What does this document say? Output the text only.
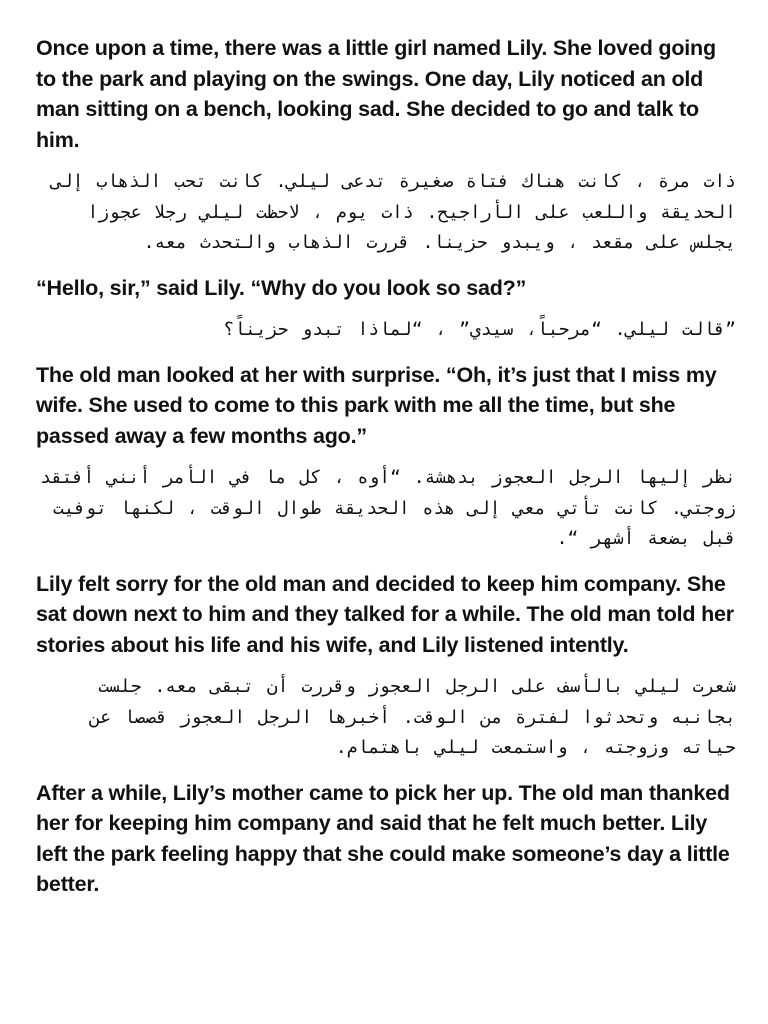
Once upon a time, there was a little girl named Lily. She loved going to the park and playing on the swings. One day, Lily noticed an old man sitting on a bench, looking sad. She decided to go and talk to him.

ذات مرة ، كانت هناك فتاة صغيرة تدعى ليلي. كانت تحب الذهاب إلى الحديقة واللعب على الأراجيح. ذات يوم ، لاحظت ليلي رجلا عجوزا يجلس على مقعد ، ويبدو حزينا. قررت الذهاب والتحدث معه.

“Hello, sir,” said Lily. “Why do you look so sad?”

”قالت ليلي. “مرحباً، سيدي” ، “لماذا تبدو حزيناً؟

The old man looked at her with surprise. “Oh, it’s just that I miss my wife. She used to come to this park with me all the time, but she passed away a few months ago.”

نظر إليها الرجل العجوز بدهشة. “أوه ، كل ما في الأمر أنني أفتقد زوجتي. كانت تأتي معي إلى هذه الحديقة طوال الوقت ، لكنها توفيت قبل بضعة أشهر “.

Lily felt sorry for the old man and decided to keep him company. She sat down next to him and they talked for a while. The old man told her stories about his life and his wife, and Lily listened intently.

شعرت ليلي بالأسف على الرجل العجوز وقررت أن تبقى معه. جلست بجانبه وتحدثوا لفترة من الوقت. أخبرها الرجل العجوز قصصا عن حياته وزوجته ، واستمعت ليلي باهتمام.

After a while, Lily’s mother came to pick her up. The old man thanked her for keeping him company and said that he felt much better. Lily left the park feeling happy that she could make someone’s day a little better.
